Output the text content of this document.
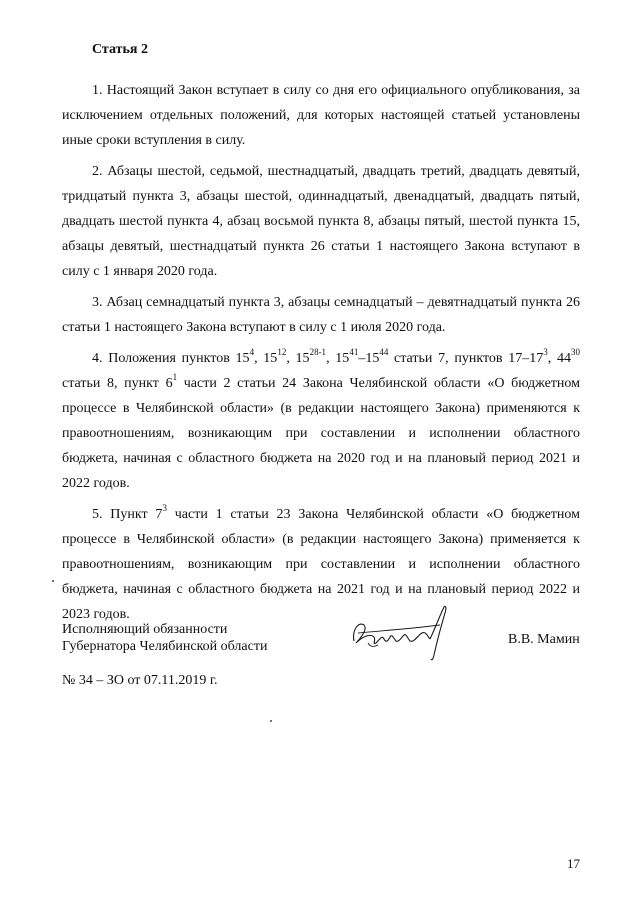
Статья 2

1. Настоящий Закон вступает в силу со дня его официального опубликования, за исключением отдельных положений, для которых настоящей статьей установлены иные сроки вступления в силу.

2. Абзацы шестой, седьмой, шестнадцатый, двадцать третий, двадцать девятый, тридцатый пункта 3, абзацы шестой, одиннадцатый, двенадцатый, двадцать пятый, двадцать шестой пункта 4, абзац восьмой пункта 8, абзацы пятый, шестой пункта 15, абзацы девятый, шестнадцатый пункта 26 статьи 1 настоящего Закона вступают в силу с 1 января 2020 года.

3. Абзац семнадцатый пункта 3, абзацы семнадцатый – девятнадцатый пункта 26 статьи 1 настоящего Закона вступают в силу с 1 июля 2020 года.

4. Положения пунктов $15^4$, $15^{12}$, 15$^{28-1}$, $15^{41}-15^{44}$ статьи 7, пунктов $17-17^3$, $44^{30}$ статьи 8, пункт $6^1$ части 2 статьи 24 Закона Челябинской области «О бюджетном процессе в Челябинской области» (в редакции настоящего Закона) применяются к правоотношениям, возникающим при составлении и исполнении областного бюджета, начиная с областного бюджета на 2020 год и на плановый период 2021 и 2022 годов.

5. Пункт $7^3$ части 1 статьи 23 Закона Челябинской области «О бюджетном процессе в Челябинской области» (в редакции настоящего Закона) применяется к правоотношениям, возникающим при составлении и исполнении областного бюджета, начиная с областного бюджета на 2021 год и на плановый период 2022 и 2023 годов.

Исполняющий обязанности
Губернатора Челябинской области	В.В. Мамин
№ 34 – ЗО от 07.11.2019 г.
17
